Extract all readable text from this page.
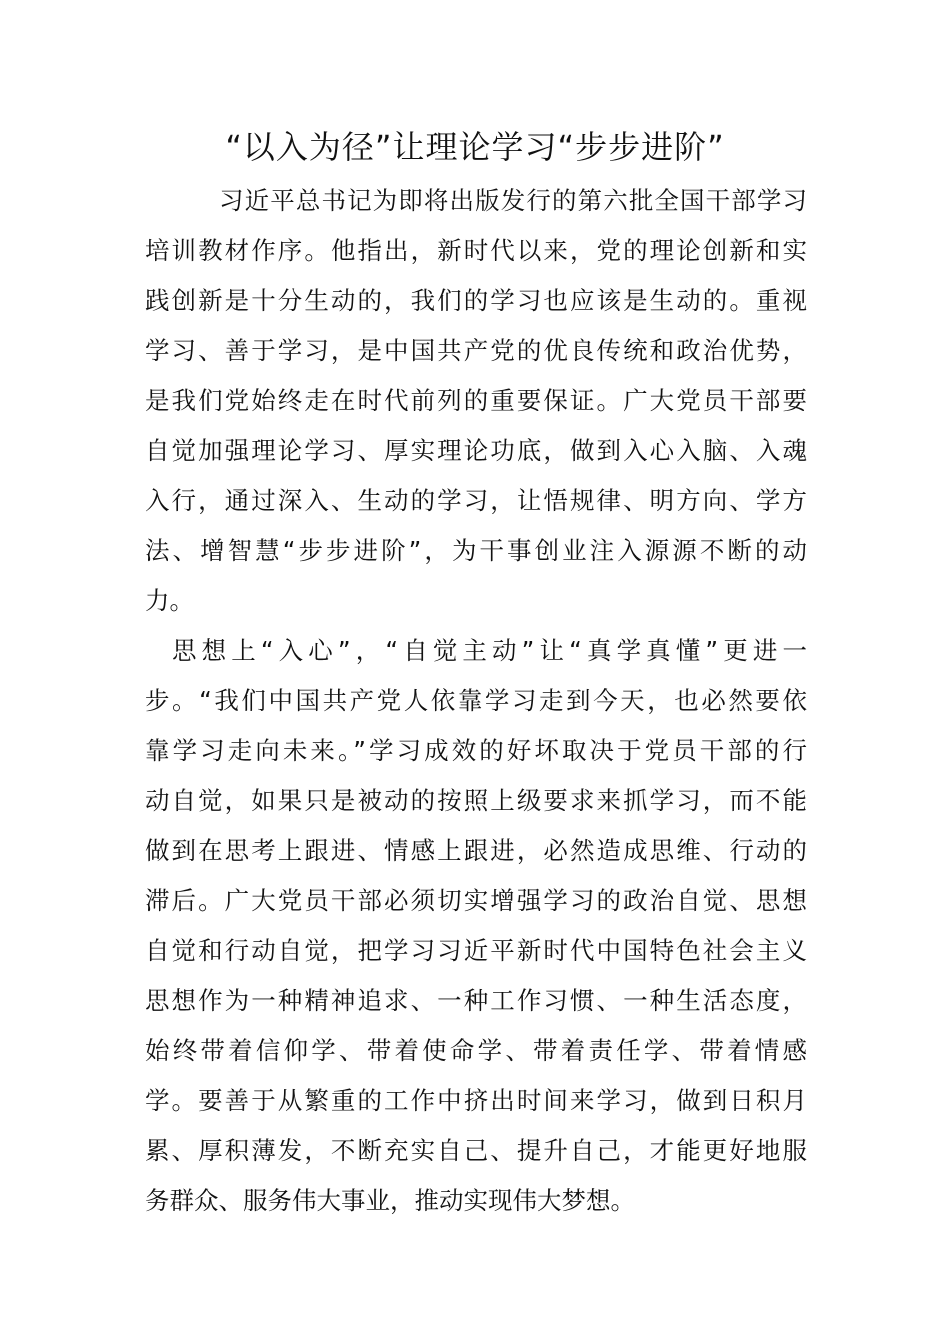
“以入为径”让理论学习“步步进阶”

习近平总书记为即将出版发行的第六批全国干部学习

培训教材作序。他指出，新时代以来，党的理论创新和实

践创新是十分生动的，我们的学习也应该是生动的。重视

学习、善于学习，是中国共产党的优良传统和政治优势，

是我们党始终走在时代前列的重要保证。广大党员干部要

自觉加强理论学习、厚实理论功底，做到入心入脑、入魂

入行，通过深入、生动的学习，让悟规律、明方向、学方

法、增智慧“步步进阶”，为干事创业注入源源不断的动

力。

思想上“入心”，“自觉主动”让“真学真懂”更进一

步。“我们中国共产党人依靠学习走到今天，也必然要依

靠学习走向未来。”学习成效的好坏取决于党员干部的行

动自觉，如果只是被动的按照上级要求来抓学习，而不能

做到在思考上跟进、情感上跟进，必然造成思维、行动的

滞后。广大党员干部必须切实增强学习的政治自觉、思想

自觉和行动自觉，把学习习近平新时代中国特色社会主义

思想作为一种精神追求、一种工作习惯、一种生活态度，

始终带着信仰学、带着使命学、带着责任学、带着情感

学。要善于从繁重的工作中挤出时间来学习，做到日积月

累、厚积薄发，不断充实自己、提升自己，才能更好地服

务群众、服务伟大事业，推动实现伟大梦想。
